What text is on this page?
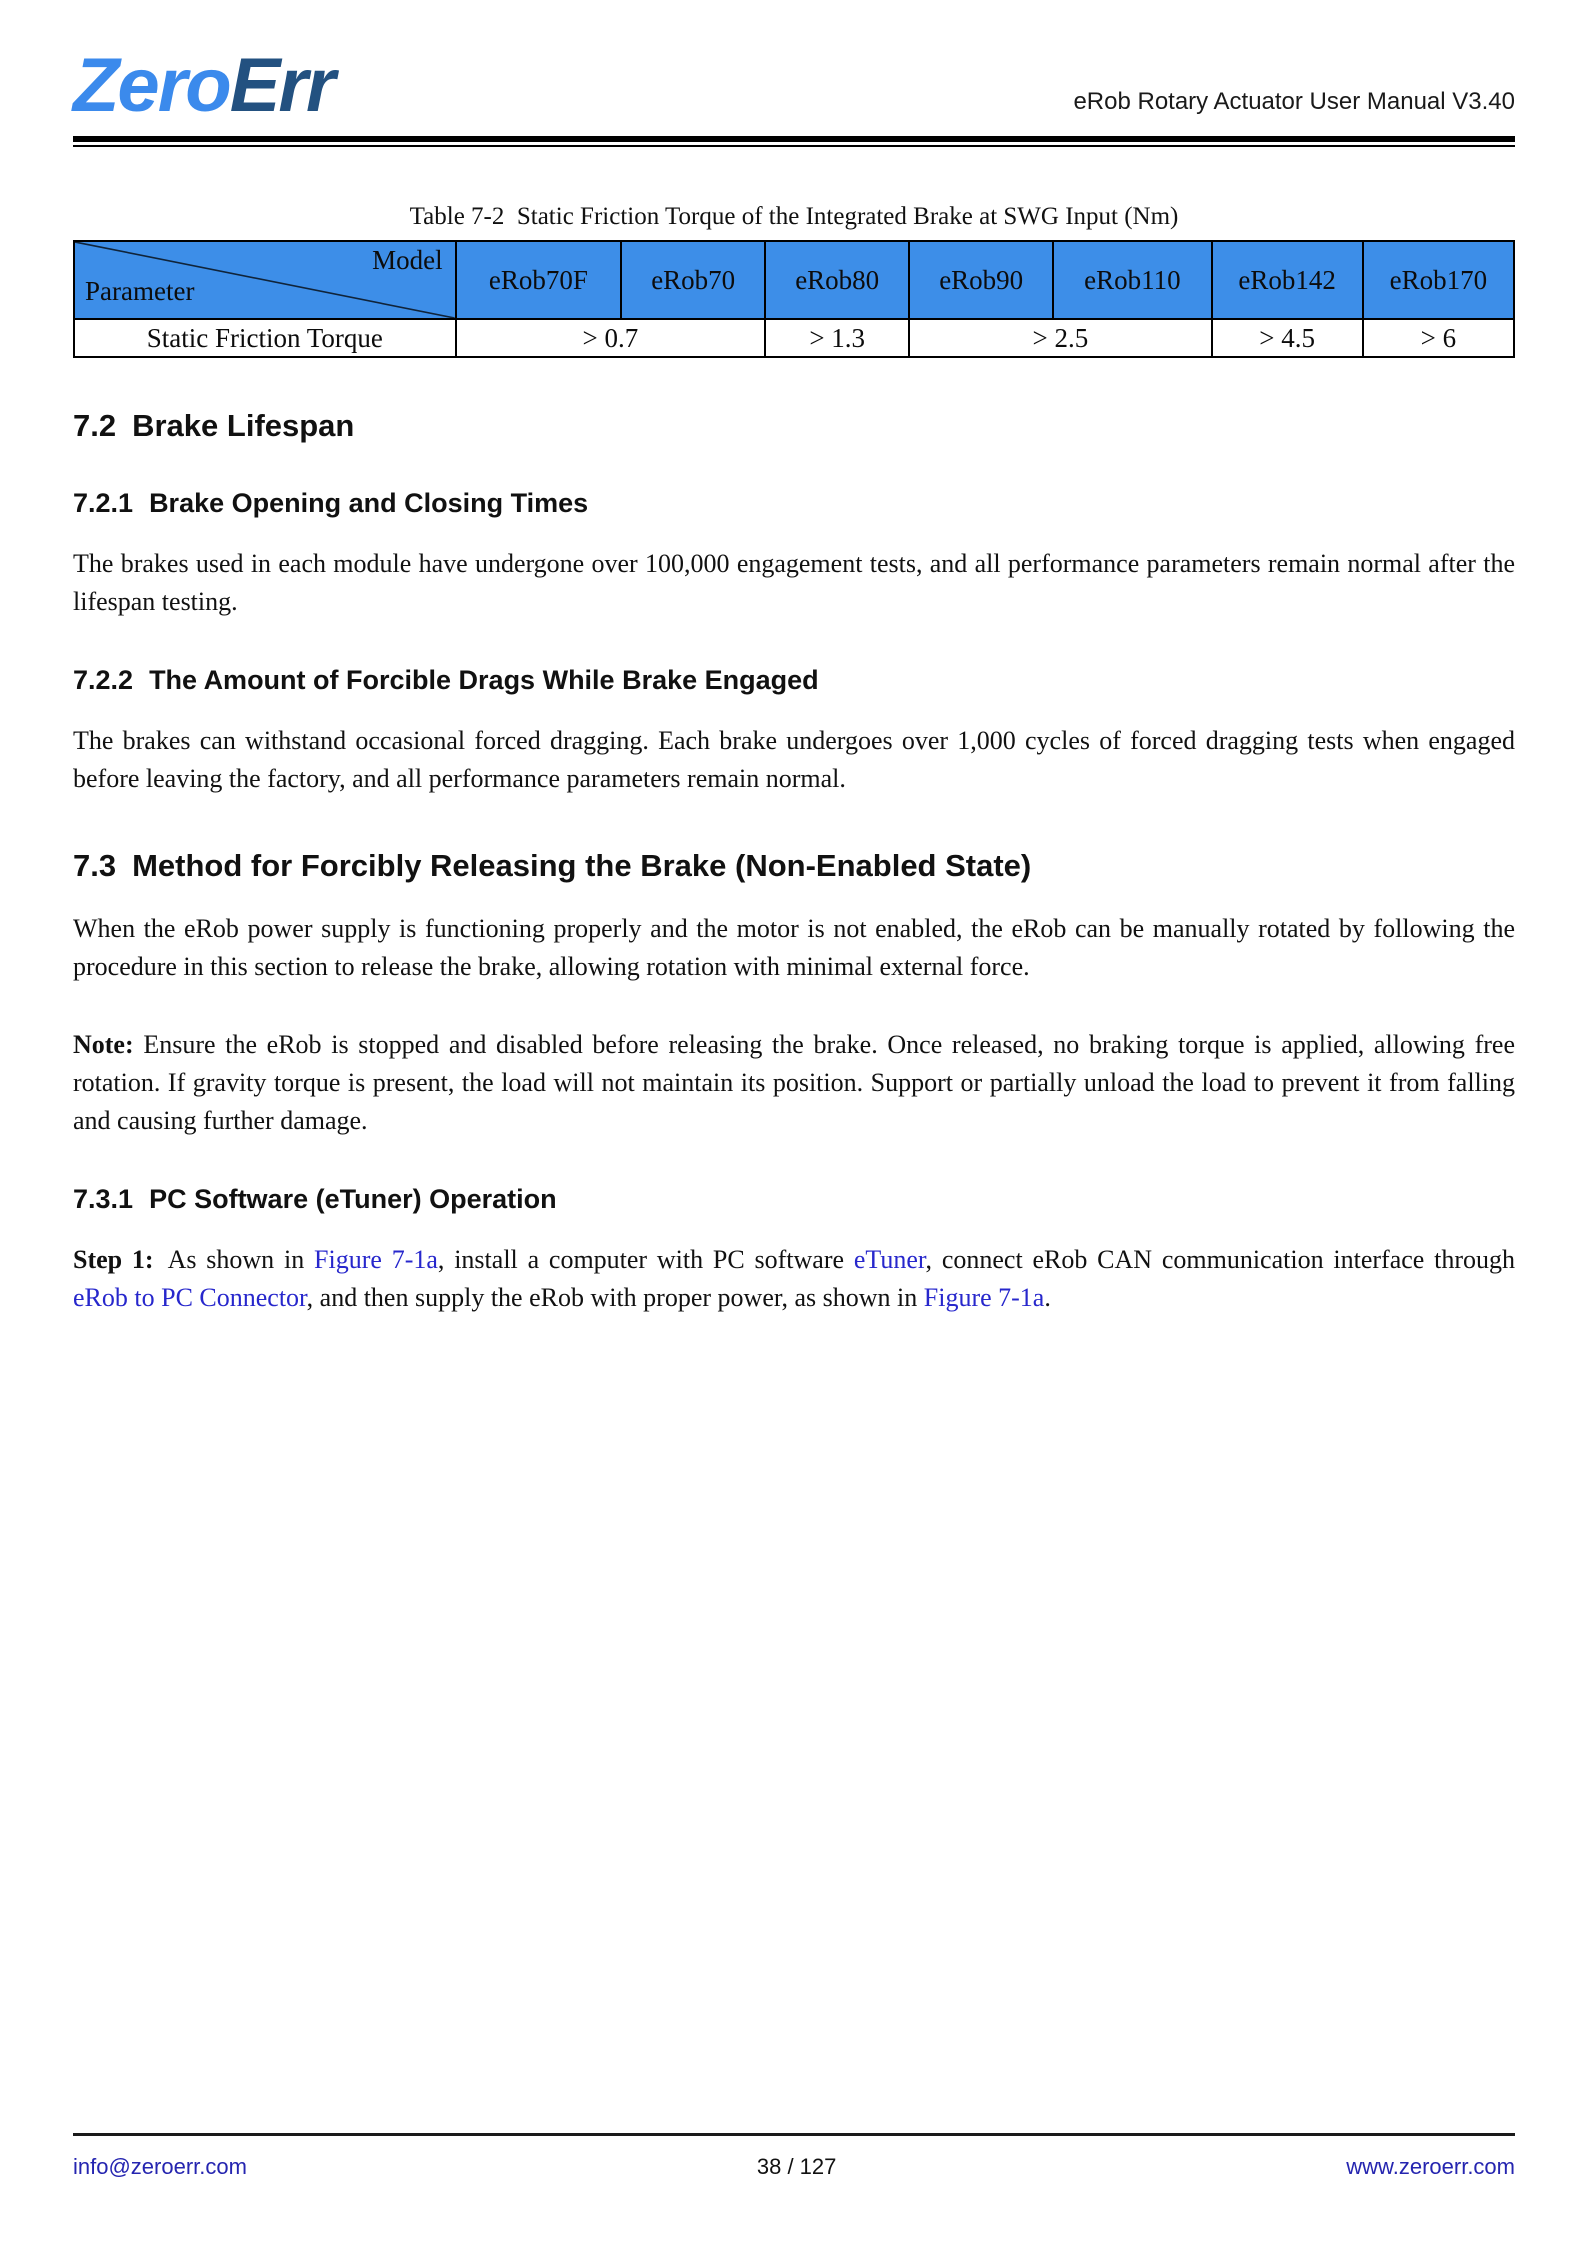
ZeroErr	eRob Rotary Actuator User Manual V3.40
Table 7-2 Static Friction Torque of the Integrated Brake at SWG Input (Nm)
Model
Parameter	eRob70F	eRob70	eRob80	eRob90	eRob110	eRob142	eRob170
Static Friction Torque	> 0.7		> 1.3	> 2.5		> 4.5	> 6
7.2 Brake Lifespan
7.2.1 Brake Opening and Closing Times

The brakes used in each module have undergone over 100,000 engagement tests, and all performance parameters remain normal after the lifespan testing.

7.2.2 The Amount of Forcible Drags While Brake Engaged

The brakes can withstand occasional forced dragging. Each brake undergoes over 1,000 cycles of forced dragging tests when engaged before leaving the factory, and all performance parameters remain normal.

7.3 Method for Forcibly Releasing the Brake (Non-Enabled State)

When the eRob power supply is functioning properly and the motor is not enabled, the eRob can be manually rotated by following the procedure in this section to release the brake, allowing rotation with minimal external force.

Note: Ensure the eRob is stopped and disabled before releasing the brake. Once released, no braking torque is applied, allowing free rotation. If gravity torque is present, the load will not maintain its position. Support or partially unload the load to prevent it from falling and causing further damage.

7.3.1 PC Software (eTuner) Operation

Step 1: As shown in Figure 7-1a, install a computer with PC software eTuner, connect eRob CAN communication interface through eRob to PC Connector, and then supply the eRob with proper power, as shown in Figure 7-1a.

info@zeroerr.com	38 / 127	www.zeroerr.com
